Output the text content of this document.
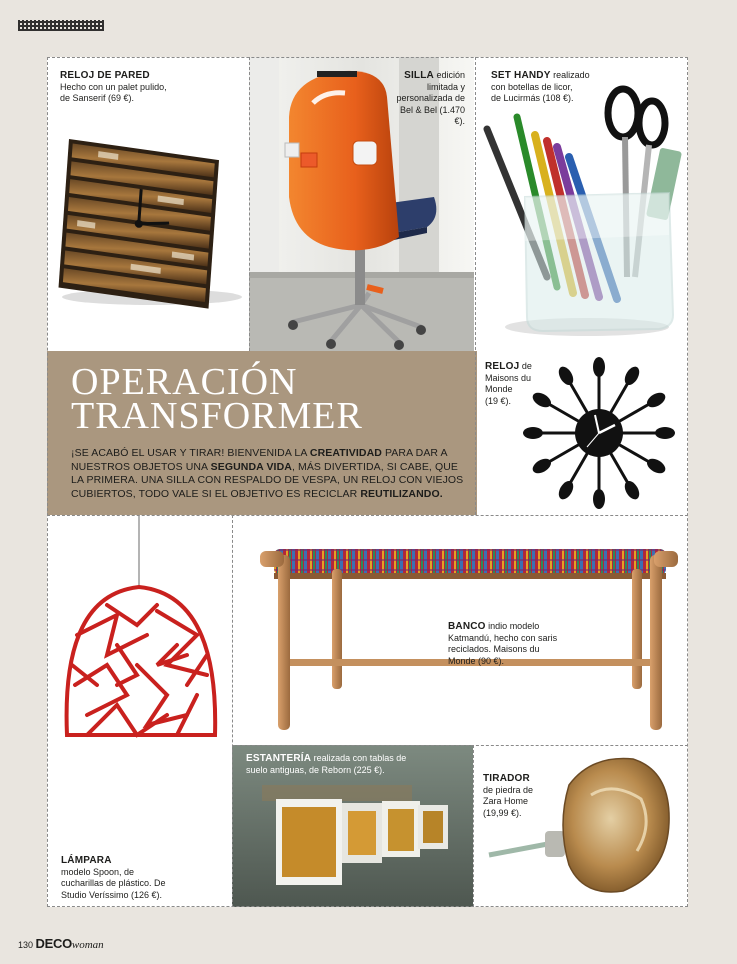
RELOJ DE PARED
Hecho con un palet pulido,
de Sanserif (69 €).
SILLA edición
limitada y
personalizada de
Bel & Bel (1.470
€).
SET HANDY realizado
con botellas de licor,
de Lucirmás (108 €).
OPERACIÓN
TRANSFORMER

¡SE ACABÓ EL USAR Y TIRAR! BIENVENIDA LA CREATIVIDAD PARA DAR A NUESTROS OBJETOS UNA SEGUNDA VIDA, MÁS DIVERTIDA, SI CABE, QUE LA PRIMERA. UNA SILLA CON RESPALDO DE VESPA, UN RELOJ CON VIEJOS CUBIERTOS, TODO VALE SI EL OBJETIVO ES RECICLAR REUTILIZANDO.

RELOJ de
Maisons du
Monde
(19 €).
LÁMPARA
modelo Spoon, de
cucharillas de plástico. De
Studio Veríssimo (126 €).
BANCO indio modelo
Katmandú, hecho con saris
reciclados. Maisons du
Monde (90 €).
ESTANTERÍA realizada con tablas de
suelo antiguas, de Reborn (225 €).
TIRADOR
de piedra de
Zara Home
(19,99 €).
130 DECOwoman
